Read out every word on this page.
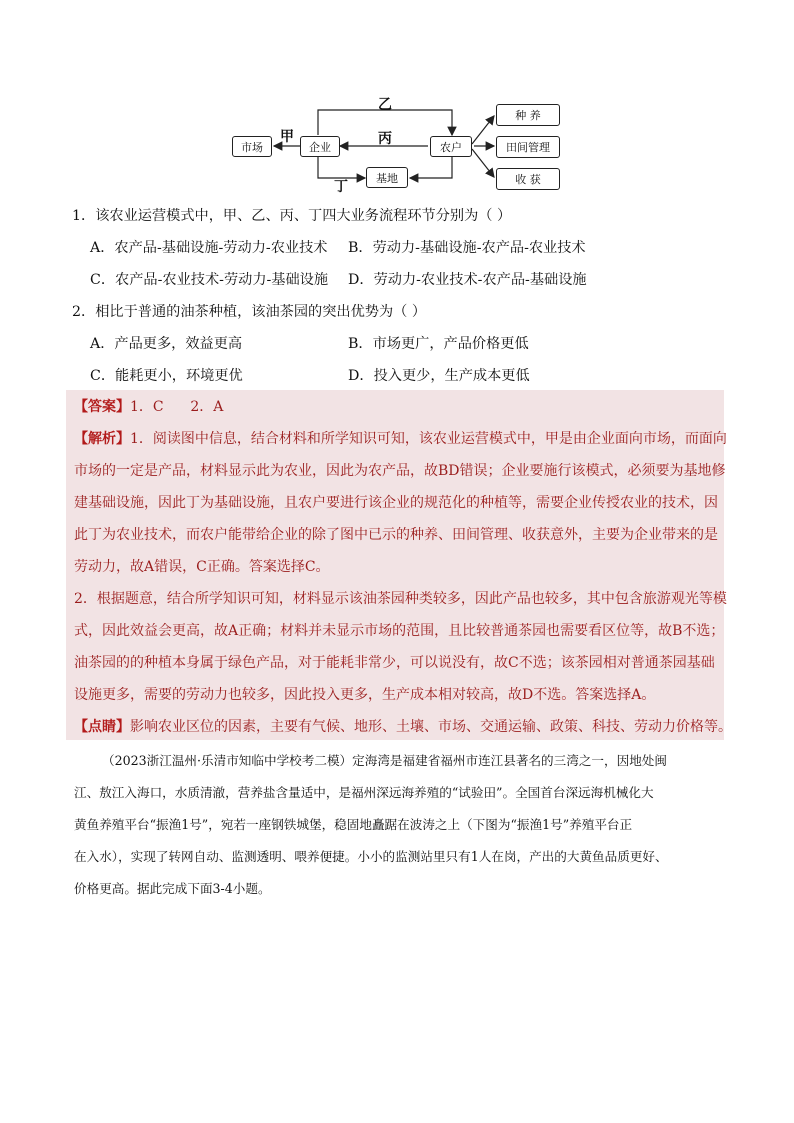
市场	企业	农户
基地
种 养
田间管理
收 获
甲
乙
丙
丁
1．该农业运营模式中，甲、乙、丙、丁四大业务流程环节分别为（ ）
A．农产品-基础设施-劳动力-农业技术 B．劳动力-基础设施-农产品-农业技术
C．农产品-农业技术-劳动力-基础设施 D．劳动力-农业技术-农产品-基础设施
2．相比于普通的油茶种植，该油茶园的突出优势为（ ）
A．产品更多，效益更高	B．市场更广，产品价格更低
C．能耗更小，环境更优	D．投入更少，生产成本更低
【答案】1．C      2．A
【解析】1．阅读图中信息，结合材料和所学知识可知，该农业运营模式中，甲是由企业面向市场，而面向
市场的一定是产品，材料显示此为农业，因此为农产品，故BD错误；企业要施行该模式，必须要为基地修
建基础设施，因此丁为基础设施，且农户要进行该企业的规范化的种植等，需要企业传授农业的技术，因
此丁为农业技术，而农户能带给企业的除了图中已示的种养、田间管理、收获意外，主要为企业带来的是
劳动力，故A错误，C正确。答案选择C。
2．根据题意，结合所学知识可知，材料显示该油茶园种类较多，因此产品也较多，其中包含旅游观光等模
式，因此效益会更高，故A正确；材料并未显示市场的范围，且比较普通茶园也需要看区位等，故B不选；
油茶园的的种植本身属于绿色产品，对于能耗非常少，可以说没有，故C不选；该茶园相对普通茶园基础
设施更多，需要的劳动力也较多，因此投入更多，生产成本相对较高，故D不选。答案选择A。
【点睛】影响农业区位的因素，主要有气候、地形、土壤、市场、交通运输、政策、科技、劳动力价格等。
（2023浙江温州·乐清市知临中学校考二模）定海湾是福建省福州市连江县著名的三湾之一，因地处闽
江、敖江入海口，水质清澈，营养盐含量适中，是福州深远海养殖的“试验田”。全国首台深远海机械化大
黄鱼养殖平台“振渔1号”，宛若一座钢铁城堡，稳固地矗踞在波涛之上（下图为“振渔1号”养殖平台正
在入水），实现了转网自动、监测透明、喂养便捷。小小的监测站里只有1人在岗，产出的大黄鱼品质更好、
价格更高。据此完成下面3-4小题。
